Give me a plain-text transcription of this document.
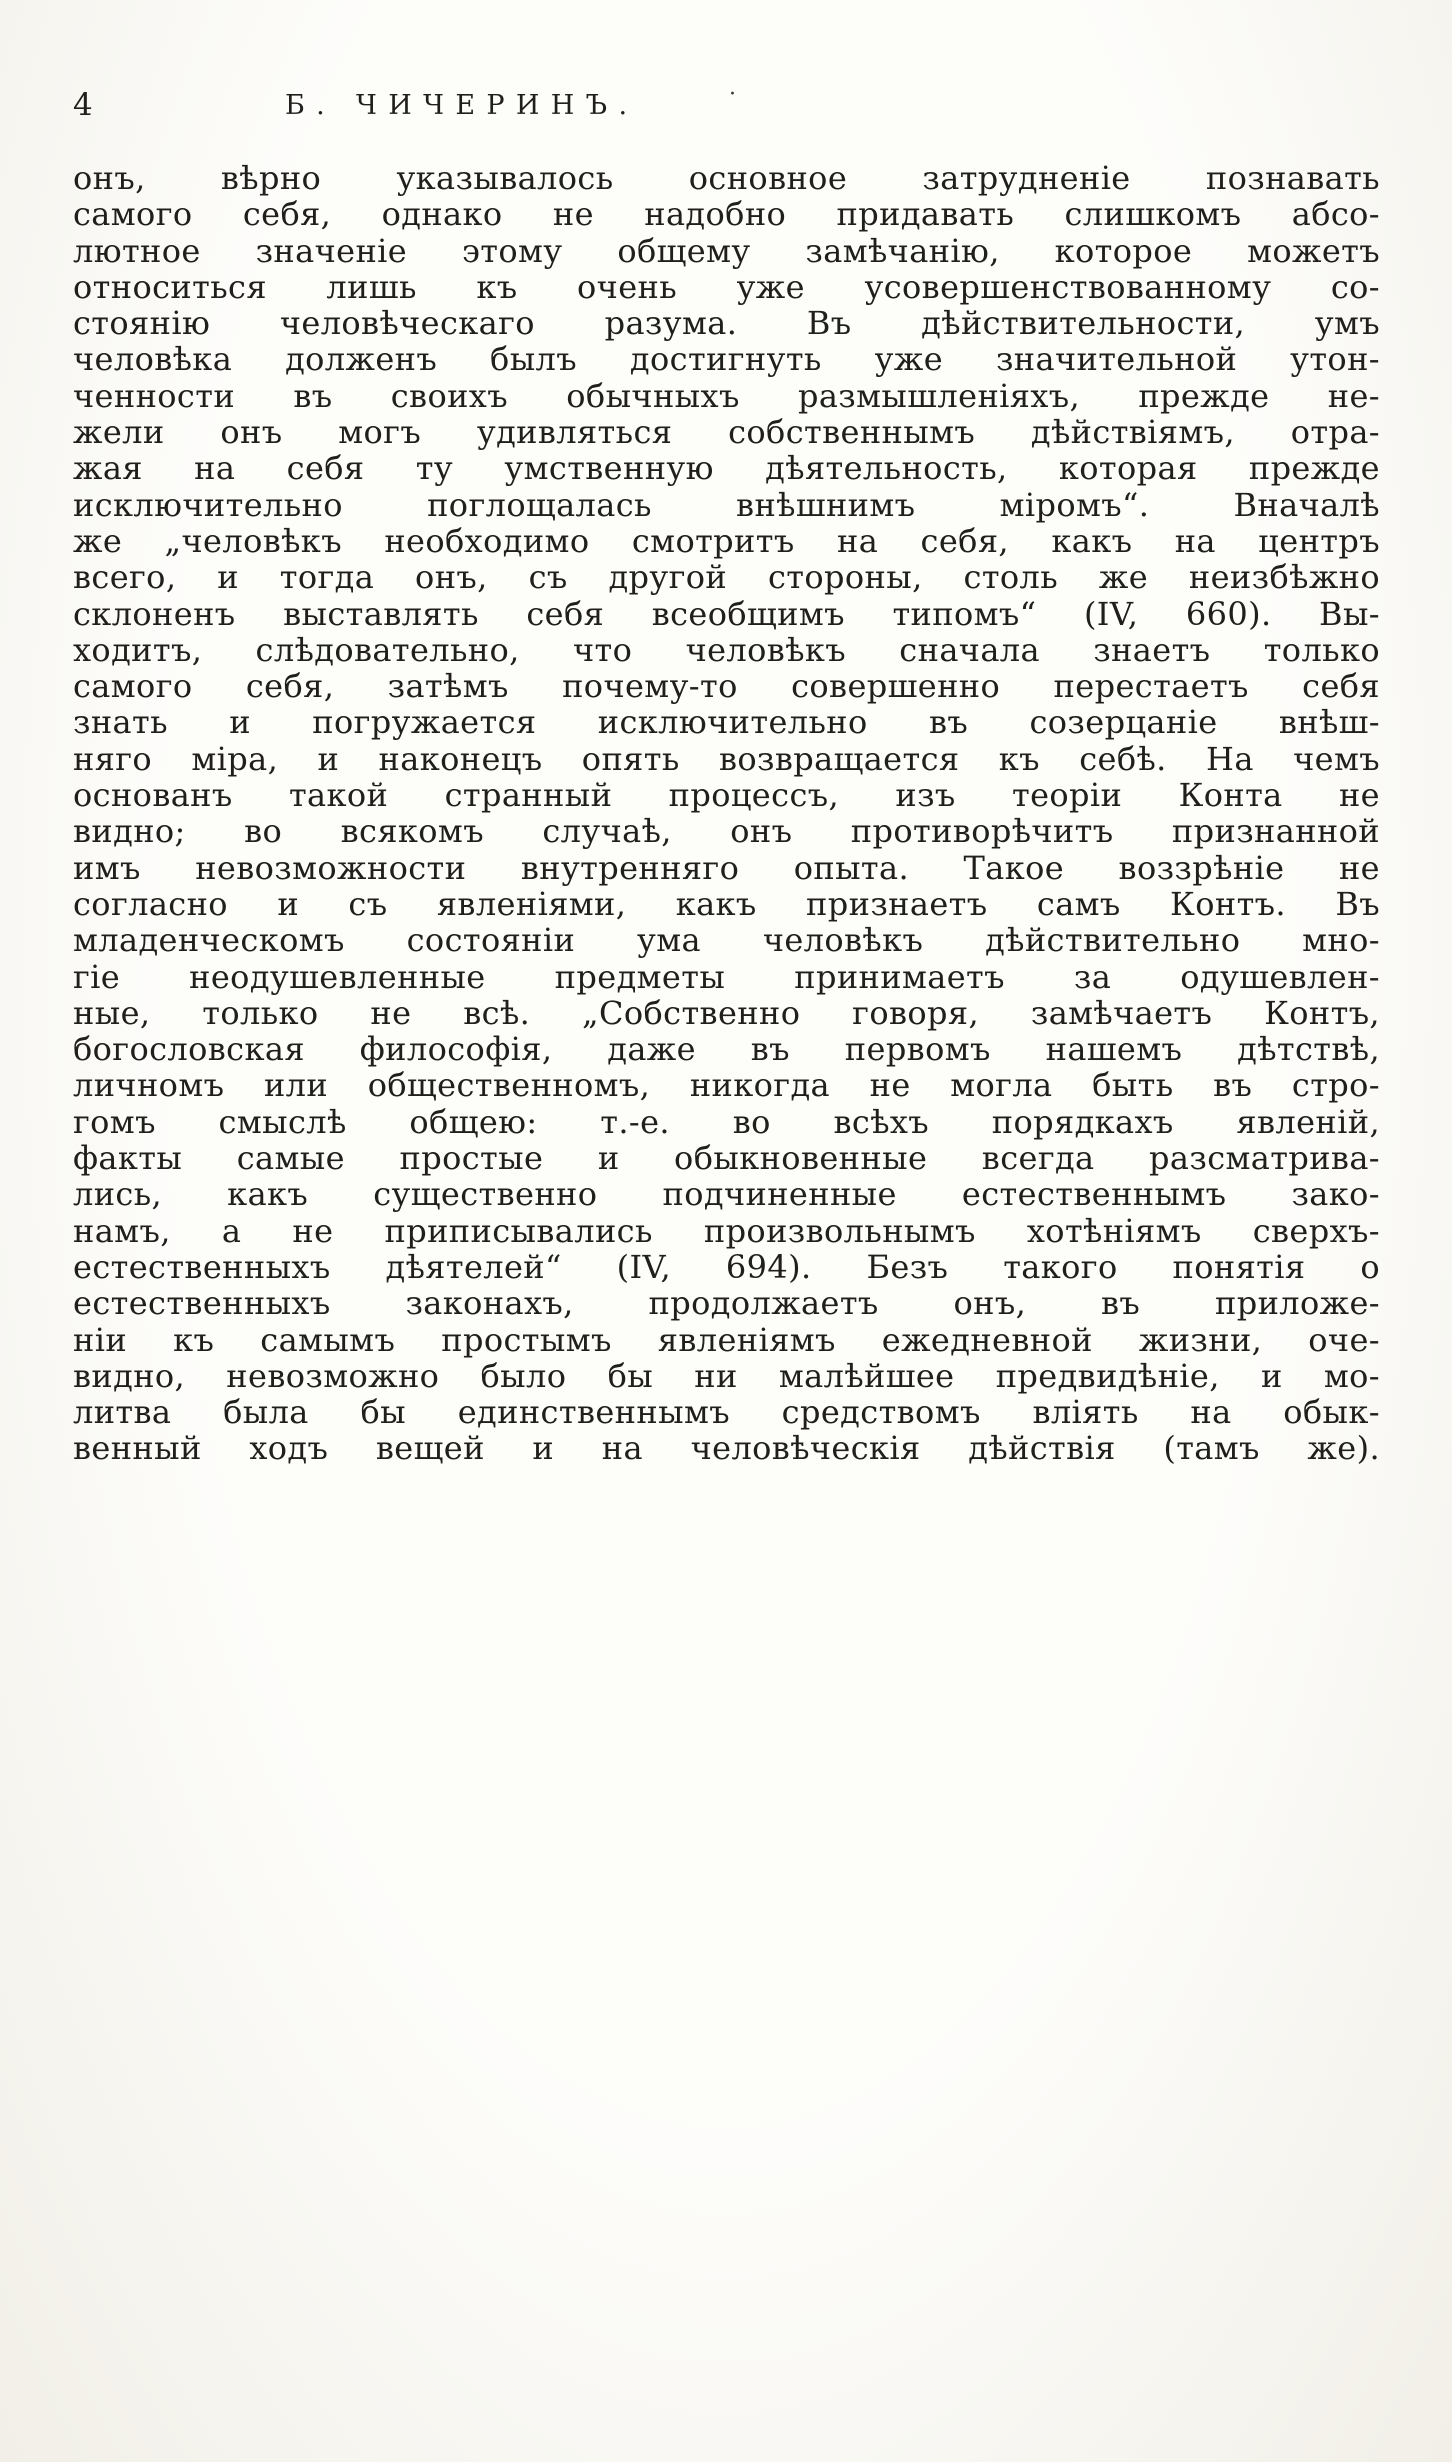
4	Б. ЧИЧЕРИНЪ.	·
онъ, вѣрно указывалось основное затрудненіе познавать
самого себя, однако не надобно придавать слишкомъ абсо-
лютное значеніе этому общему замѣчанію, которое можетъ
относиться лишь къ очень уже усовершенствованному со-
стоянію человѣческаго разума. Въ дѣйствительности, умъ
человѣка долженъ былъ достигнуть уже значительной утон-
ченности въ своихъ обычныхъ размышленіяхъ, прежде не-
жели онъ могъ удивляться собственнымъ дѣйствіямъ, отра-
жая на себя ту умственную дѣятельность, которая прежде
исключительно поглощалась внѣшнимъ міромъ“. Вначалѣ
же „человѣкъ необходимо смотритъ на себя, какъ на центръ
всего, и тогда онъ, съ другой стороны, столь же неизбѣжно
склоненъ выставлять себя всеобщимъ типомъ“ (IV, 660). Вы-
ходитъ, слѣдовательно, что человѣкъ сначала знаетъ только
самого себя, затѣмъ почему-то совершенно перестаетъ себя
знать и погружается исключительно въ созерцаніе внѣш-
няго міра, и наконецъ опять возвращается къ себѣ. На чемъ
основанъ такой странный процессъ, изъ теоріи Конта не
видно; во всякомъ случаѣ, онъ противорѣчитъ признанной
имъ невозможности внутренняго опыта. Такое воззрѣніе не
согласно и съ явленіями, какъ признаетъ самъ Контъ. Въ
младенческомъ состояніи ума человѣкъ дѣйствительно мно-
гіе неодушевленные предметы принимаетъ за одушевлен-
ные, только не всѣ. „Собственно говоря, замѣчаетъ Контъ,
богословская философія, даже въ первомъ нашемъ дѣтствѣ,
личномъ или общественномъ, никогда не могла быть въ стро-
гомъ смыслѣ общею: т.-е. во всѣхъ порядкахъ явленій,
факты самые простые и обыкновенные всегда разсматрива-
лись, какъ существенно подчиненные естественнымъ зако-
намъ, а не приписывались произвольнымъ хотѣніямъ сверхъ-
естественныхъ дѣятелей“ (IV, 694). Безъ такого понятія о
естественныхъ законахъ, продолжаетъ онъ, въ приложе-
ніи къ самымъ простымъ явленіямъ ежедневной жизни, оче-
видно, невозможно было бы ни малѣйшее предвидѣніе, и мо-
литва была бы единственнымъ средствомъ вліять на обык-
венный ходъ вещей и на человѣческія дѣйствія (тамъ же).
